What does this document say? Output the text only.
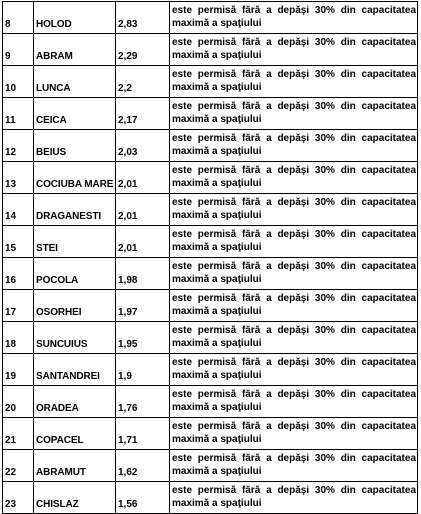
8	HOLOD	2,83	este permisă fără a depăşi 30% din capacitatea maximă a spaţiului

9	ABRAM	2,29	este permisă fără a depăşi 30% din capacitatea maximă a spaţiului

10	LUNCA	2,2	este permisă fără a depăşi 30% din capacitatea maximă a spaţiului

11	CEICA	2,17	este permisă fără a depăşi 30% din capacitatea maximă a spaţiului

12	BEIUS	2,03	este permisă fără a depăşi 30% din capacitatea maximă a spaţiului

13	COCIUBA MARE	2,01	este permisă fără a depăşi 30% din capacitatea maximă a spaţiului

14	DRAGANESTI	2,01	este permisă fără a depăşi 30% din capacitatea maximă a spaţiului

15	STEI	2,01	este permisă fără a depăşi 30% din capacitatea maximă a spaţiului

16	POCOLA	1,98	este permisă fără a depăşi 30% din capacitatea maximă a spaţiului

17	OSORHEI	1,97	este permisă fără a depăşi 30% din capacitatea maximă a spaţiului

18	SUNCUIUS	1,95	este permisă fără a depăşi 30% din capacitatea maximă a spaţiului

19	SANTANDREI	1,9	este permisă fără a depăşi 30% din capacitatea maximă a spaţiului

20	ORADEA	1,76	este permisă fără a depăşi 30% din capacitatea maximă a spaţiului

21	COPACEL	1,71	este permisă fără a depăşi 30% din capacitatea maximă a spaţiului

22	ABRAMUT	1,62	este permisă fără a depăşi 30% din capacitatea maximă a spaţiului

23	CHISLAZ	1,56	este permisă fără a depăşi 30% din capacitatea maximă a spaţiului
